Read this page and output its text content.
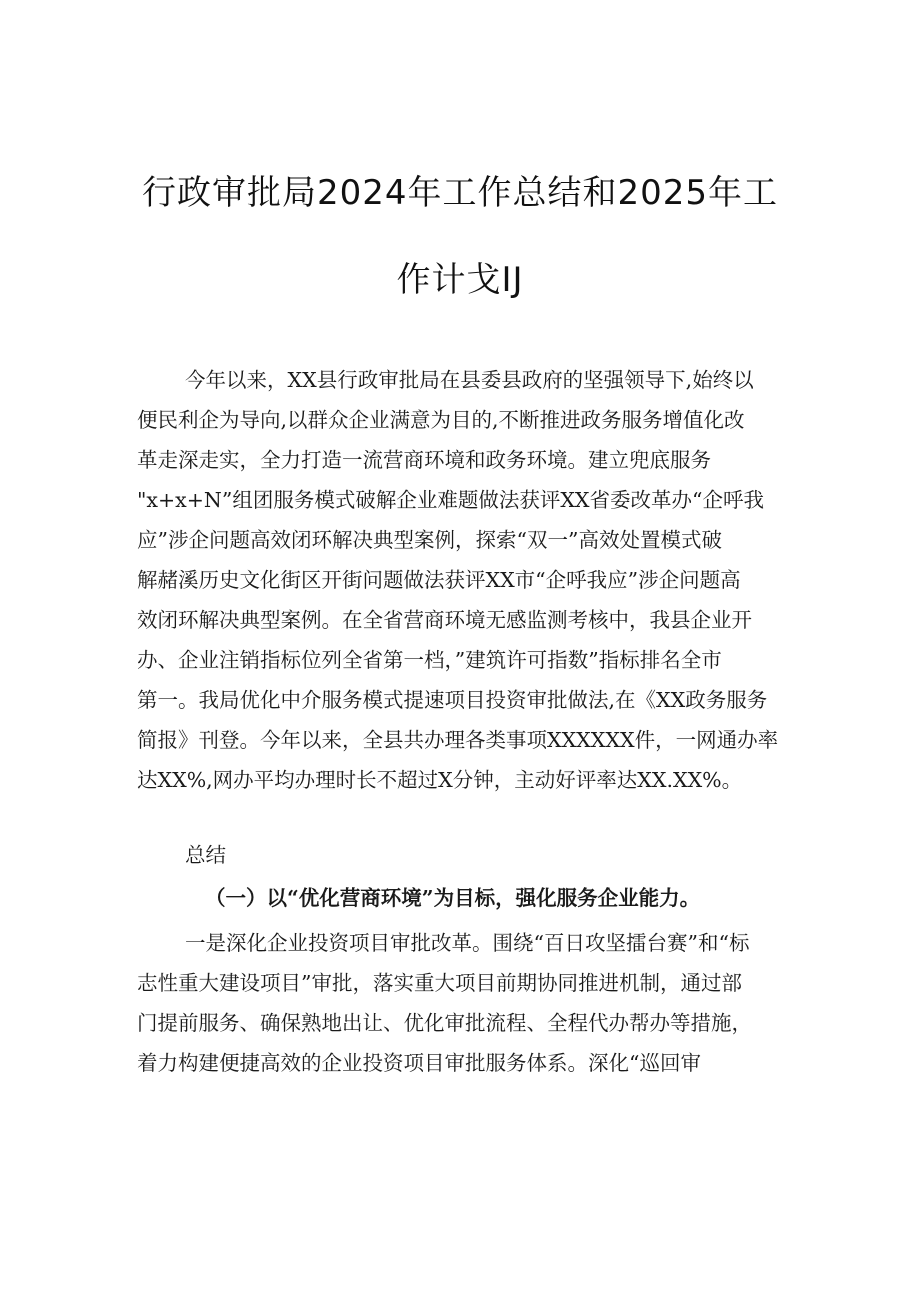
行政审批局2024年工作总结和2025年工
作计戈IJ
今年以来，XX县行政审批局在县委县政府的坚强领导下,始终以
便民利企为导向,以群众企业满意为目的,不断推进政务服务增值化改
革走深走实，全力打造一流营商环境和政务环境。建立兜底服务
"x+x+N”组团服务模式破解企业难题做法获评XX省委改革办“企呼我
应”涉企问题高效闭环解决典型案例，探索“双一”高效处置模式破
解赭溪历史文化街区开街问题做法获评XX市“企呼我应”涉企问题高
效闭环解决典型案例。在全省营商环境无感监测考核中，我县企业开
办、企业注销指标位列全省第一档，”建筑许可指数”指标排名全市
第一。我局优化中介服务模式提速项目投资审批做法,在《XX政务服务
简报》刊登。今年以来，全县共办理各类事项XXXXXX件，一网通办率
达XX%,网办平均办理时长不超过X分钟，主动好评率达XX.XX%。
总结
（一）以“优化营商环境”为目标，强化服务企业能力。
一是深化企业投资项目审批改革。围绕“百日攻坚擂台赛”和“标
志性重大建设项目”审批，落实重大项目前期协同推进机制，通过部
门提前服务、确保熟地出让、优化审批流程、全程代办帮办等措施，
着力构建便捷高效的企业投资项目审批服务体系。深化“巡回审
